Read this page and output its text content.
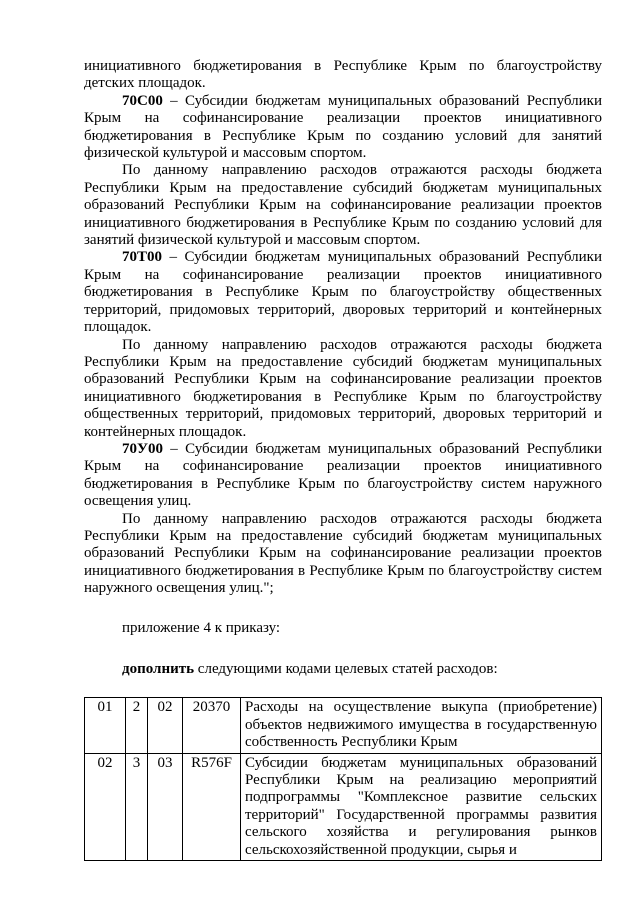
инициативного бюджетирования в Республике Крым по благоустройству детских площадок.

70С00 – Субсидии бюджетам муниципальных образований Республики Крым на софинансирование реализации проектов инициативного бюджетирования в Республике Крым по созданию условий для занятий физической культурой и массовым спортом.

По данному направлению расходов отражаются расходы бюджета Республики Крым на предоставление субсидий бюджетам муниципальных образований Республики Крым на софинансирование реализации проектов инициативного бюджетирования в Республике Крым по созданию условий для занятий физической культурой и массовым спортом.

70Т00 – Субсидии бюджетам муниципальных образований Республики Крым на софинансирование реализации проектов инициативного бюджетирования в Республике Крым по благоустройству общественных территорий, придомовых территорий, дворовых территорий и контейнерных площадок.

По данному направлению расходов отражаются расходы бюджета Республики Крым на предоставление субсидий бюджетам муниципальных образований Республики Крым на софинансирование реализации проектов инициативного бюджетирования в Республике Крым по благоустройству общественных территорий, придомовых территорий, дворовых территорий и контейнерных площадок.

70У00 – Субсидии бюджетам муниципальных образований Республики Крым на софинансирование реализации проектов инициативного бюджетирования в Республике Крым по благоустройству систем наружного освещения улиц.

По данному направлению расходов отражаются расходы бюджета Республики Крым на предоставление субсидий бюджетам муниципальных образований Республики Крым на софинансирование реализации проектов инициативного бюджетирования в Республике Крым по благоустройству систем наружного освещения улиц.";

приложение 4 к приказу:

дополнить следующими кодами целевых статей расходов:

01	2	02	20370	Расходы на осуществление выкупа (приобретение) объектов недвижимого имущества в государственную собственность Республики Крым
02	3	03	R576F	Субсидии бюджетам муниципальных образований Республики Крым на реализацию мероприятий подпрограммы "Комплексное развитие сельских территорий" Государственной программы развития сельского хозяйства и регулирования рынков сельскохозяйственной продукции, сырья и
